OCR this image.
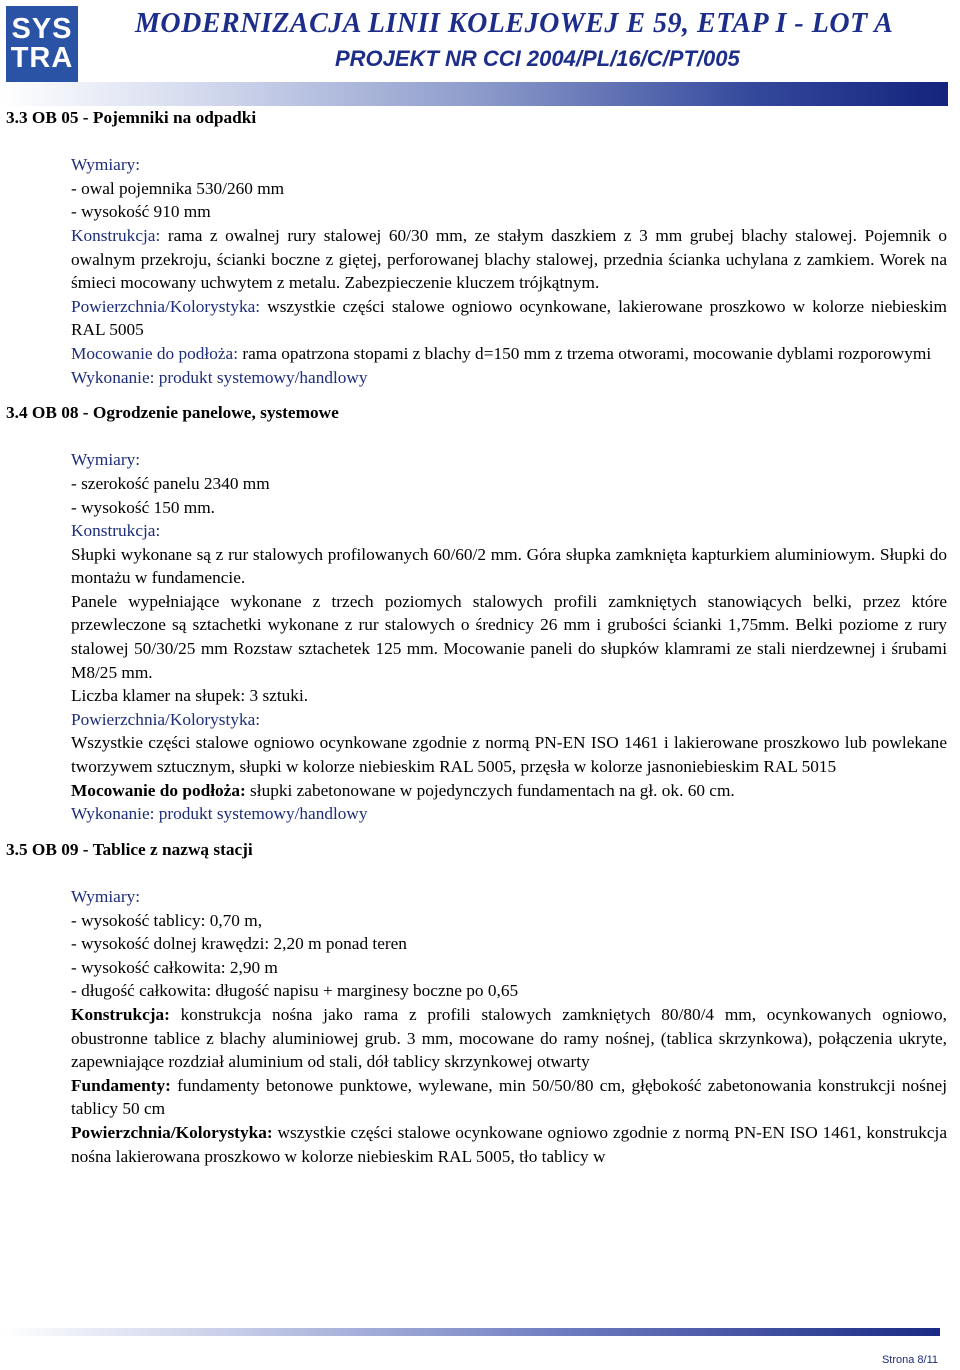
SYS
TRA
MODERNIZACJA LINII KOLEJOWEJ E 59, ETAP I - LOT A
PROJEKT NR CCI 2004/PL/16/C/PT/005
3.3 OB 05 - Pojemniki na odpadki

Wymiary:

- owal pojemnika 530/260 mm

- wysokość 910 mm

Konstrukcja: rama z owalnej rury stalowej 60/30 mm, ze stałym daszkiem z 3 mm grubej blachy stalowej. Pojemnik o owalnym przekroju, ścianki boczne z giętej, perforowanej blachy stalowej, przednia ścianka uchylana z zamkiem. Worek na śmieci mocowany uchwytem z metalu. Zabezpieczenie kluczem trójkątnym.

Powierzchnia/Kolorystyka: wszystkie części stalowe ogniowo ocynkowane, lakierowane proszkowo w kolorze niebieskim RAL 5005

Mocowanie do podłoża: rama opatrzona stopami z blachy d=150 mm z trzema otworami, mocowanie dyblami rozporowymi

Wykonanie: produkt systemowy/handlowy

3.4 OB 08 - Ogrodzenie panelowe, systemowe

Wymiary:

- szerokość panelu 2340 mm

- wysokość 150 mm.

Konstrukcja:

Słupki wykonane są z rur stalowych profilowanych 60/60/2 mm. Góra słupka zamknięta kapturkiem aluminiowym. Słupki do montażu w fundamencie.

Panele wypełniające wykonane z trzech poziomych stalowych profili zamkniętych stanowiących belki, przez które przewleczone są sztachetki wykonane z rur stalowych o średnicy 26 mm i grubości ścianki 1,75mm. Belki poziome z rury stalowej 50/30/25 mm Rozstaw sztachetek 125 mm. Mocowanie paneli do słupków klamrami ze stali nierdzewnej i śrubami M8/25 mm.

Liczba klamer na słupek: 3 sztuki.

Powierzchnia/Kolorystyka:

Wszystkie części stalowe ogniowo ocynkowane zgodnie z normą PN-EN ISO 1461 i lakierowane proszkowo lub powlekane tworzywem sztucznym, słupki w kolorze niebieskim RAL 5005, przęsła w kolorze jasnoniebieskim RAL 5015

Mocowanie do podłoża: słupki zabetonowane w pojedynczych fundamentach na gł. ok. 60 cm.

Wykonanie: produkt systemowy/handlowy

3.5 OB 09 - Tablice z nazwą stacji

Wymiary:

- wysokość tablicy: 0,70 m,

- wysokość dolnej krawędzi: 2,20 m ponad teren

- wysokość całkowita: 2,90 m

- długość całkowita: długość napisu + marginesy boczne po 0,65

Konstrukcja: konstrukcja nośna jako rama z profili stalowych zamkniętych 80/80/4 mm, ocynkowanych ogniowo, obustronne tablice z blachy aluminiowej grub. 3 mm, mocowane do ramy nośnej, (tablica skrzynkowa), połączenia ukryte, zapewniające rozdział aluminium od stali, dół tablicy skrzynkowej otwarty

Fundamenty: fundamenty betonowe punktowe, wylewane, min 50/50/80 cm, głębokość zabetonowania konstrukcji nośnej tablicy 50 cm

Powierzchnia/Kolorystyka: wszystkie części stalowe ocynkowane ogniowo zgodnie z normą PN-EN ISO 1461, konstrukcja nośna lakierowana proszkowo w kolorze niebieskim RAL 5005, tło tablicy w

Strona 8/11
